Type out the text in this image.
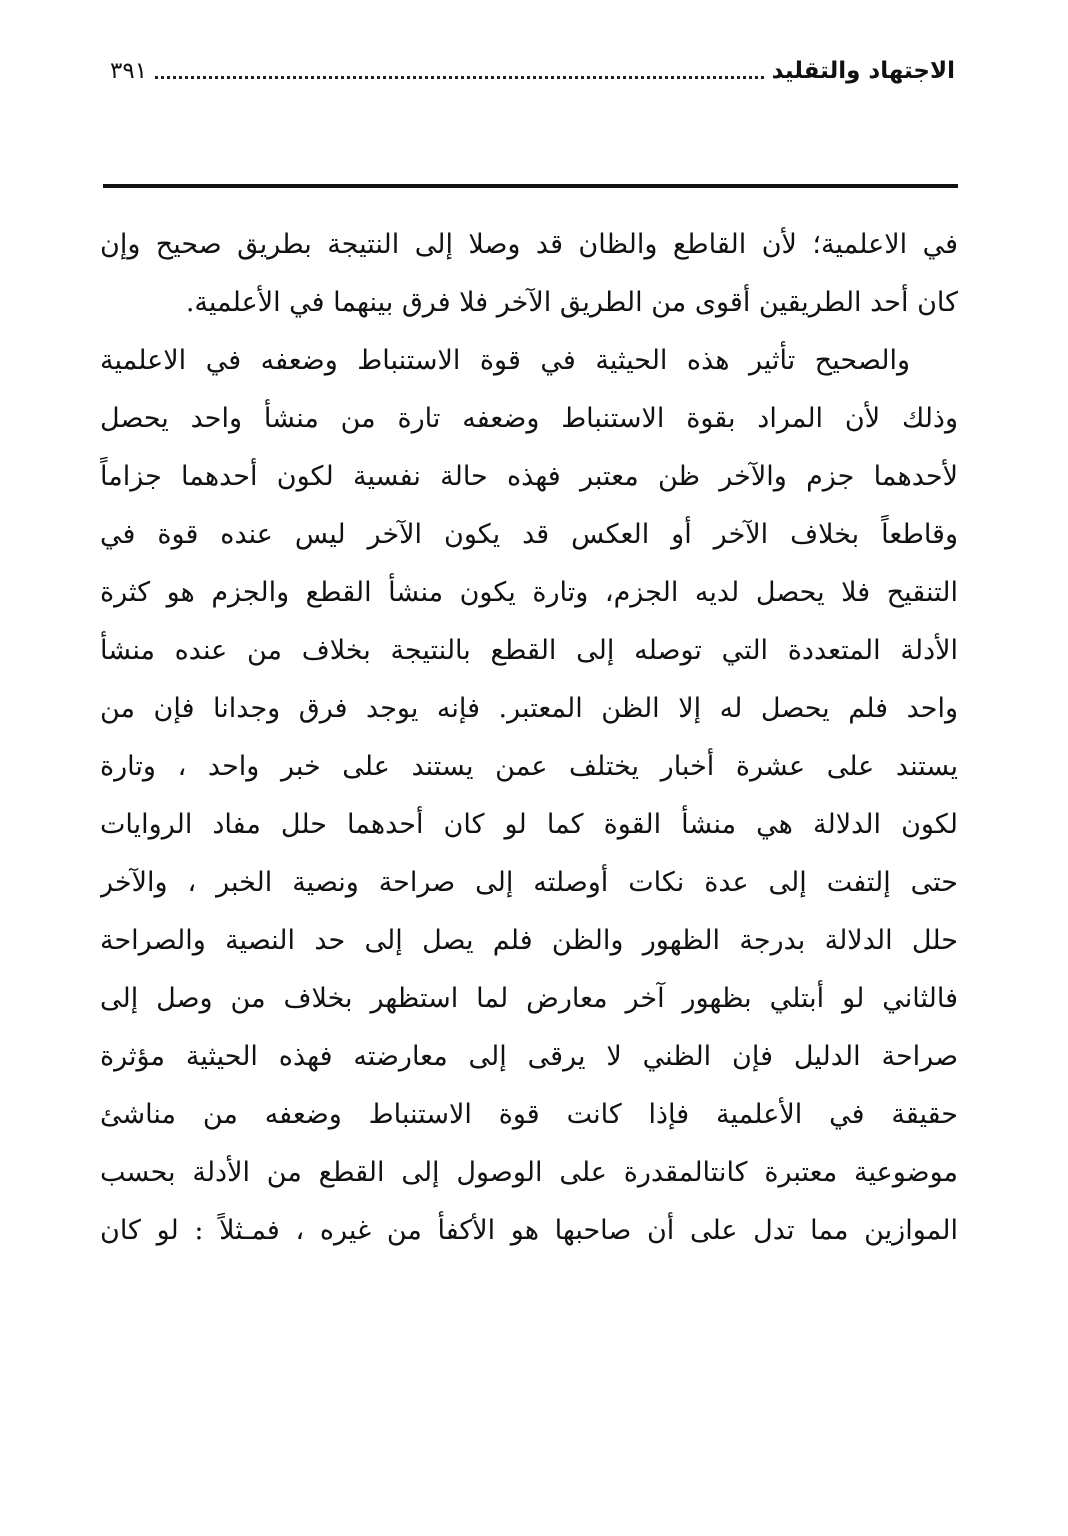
الاجتهاد والتقليد
٣٩١
في الاعلمية؛ لأن القاطع والظان قد وصلا إلى النتيجة بطريق صحيح وإن
كان أحد الطريقين أقوى من الطريق الآخر فلا فرق بينهما في الأعلمية.
والصحيح تأثير هذه الحيثية في قوة الاستنباط وضعفه في الاعلمية
وذلك لأن المراد بقوة الاستنباط وضعفه تارة من منشأ واحد يحصل
لأحدهما جزم والآخر ظن معتبر فهذه حالة نفسية لكون أحدهما جزاماً
وقاطعاً بخلاف الآخر أو العكس قد يكون الآخر ليس عنده قوة في
التنقيح فلا يحصل لديه الجزم، وتارة يكون منشأ القطع والجزم هو كثرة
الأدلة المتعددة التي توصله إلى القطع بالنتيجة بخلاف من عنده منشأ
واحد فلم يحصل له إلا الظن المعتبر. فإنه يوجد فرق وجدانا فإن من
يستند على عشرة أخبار يختلف عمن يستند على خبر واحد ، وتارة
لكون الدلالة هي منشأ القوة كما لو كان أحدهما حلل مفاد الروايات
حتى إلتفت إلى عدة نكات أوصلته إلى صراحة ونصية الخبر ، والآخر
حلل الدلالة بدرجة الظهور والظن فلم يصل إلى حد النصية والصراحة
فالثاني لو أبتلي بظهور آخر معارض لما استظهر بخلاف من وصل إلى
صراحة الدليل فإن الظني لا يرقى إلى معارضته فهذه الحيثية مؤثرة
حقيقة في الأعلمية فإذا كانت قوة الاستنباط وضعفه من مناشئ
موضوعية معتبرة كانتالمقدرة على الوصول إلى القطع من الأدلة بحسب
الموازين مما تدل على أن صاحبها هو الأكفأ من غيره ، فمـثلاً : لو كان
